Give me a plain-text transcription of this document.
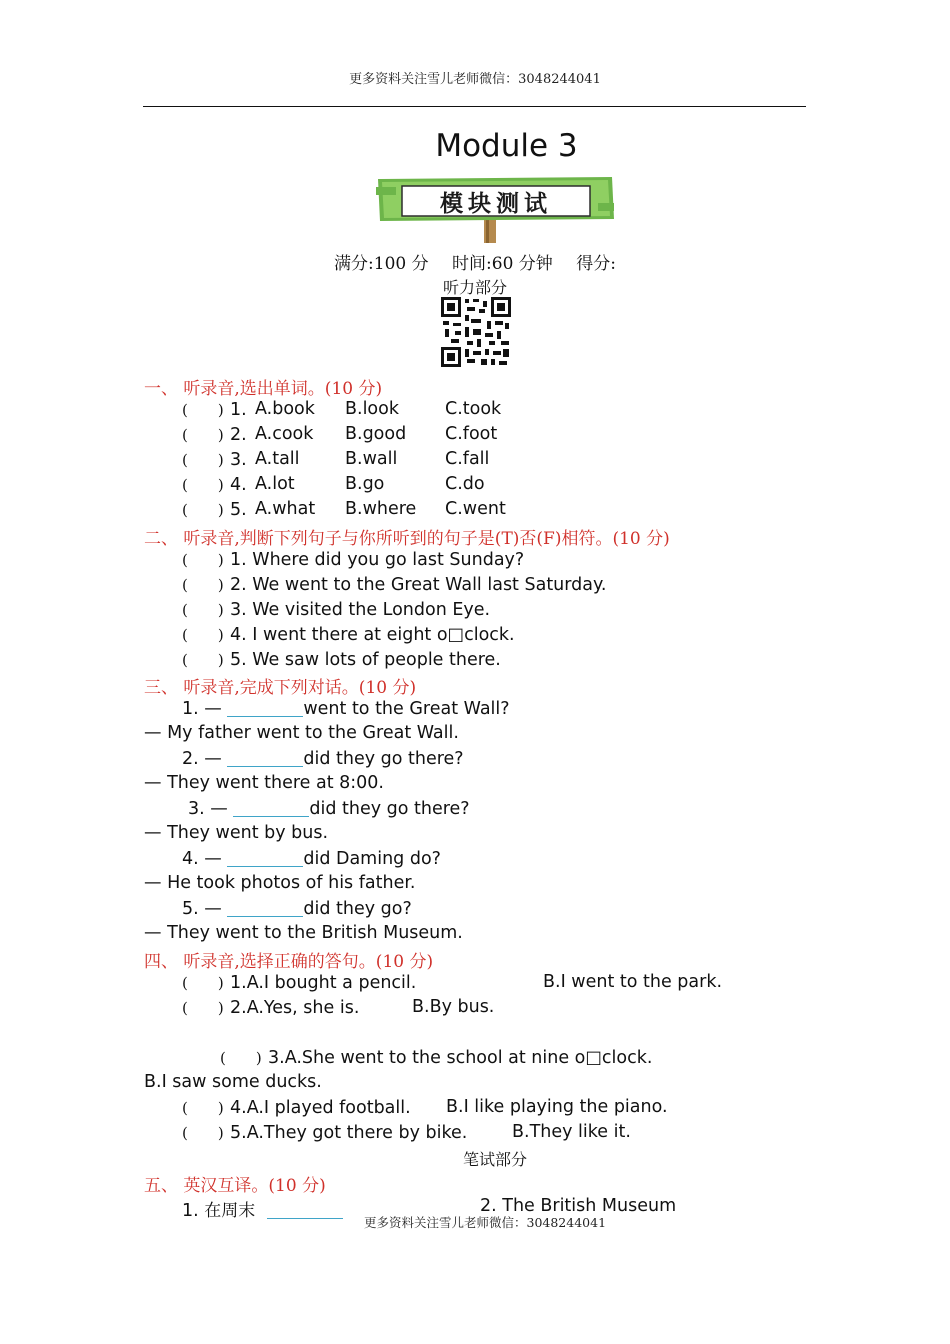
更多资料关注雪儿老师微信：3048244041
Module 3
模块测试
满分:100 分 时间:60 分钟 得分:
听力部分
一、 听录音,选出单词。(10 分)
(　　) 1. A.book B.look	C.took
(　　) 2. A.cook B.good C.foot
(　　) 3. A.tall	B.wall	C.fall
(　　) 4. A.lot	B.go	C.do
(　　) 5. A.what B.where C.went
二、 听录音,判断下列句子与你所听到的句子是(T)否(F)相符。(10 分)
(　　) 1. Where did you go last Sunday?
(　　) 2. We went to the Great Wall last Saturday.
(　　) 3. We visited the London Eye.
(　　) 4. I went there at eight o□clock.
(　　) 5. We saw lots of people there.
三、 听录音,完成下列对话。(10 分)
1. —	went to the Great Wall?
— My father went to the Great Wall.
2. —	did they go there?
— They went there at 8:00.
3. —	did they go there?
— They went by bus.
4. —	did Daming do?
— He took photos of his father.
5. —	did they go?
— They went to the British Museum.
四、 听录音,选择正确的答句。(10 分)
(　　) 1.A.I bought a pencil.	B.I went to the park.
(　　) 2.A.Yes, she is.	B.By bus.
(　　) 3.A.She went to the school at nine o□clock.
B.I saw some ducks.
(　　) 4.A.I played football. B.I like playing the piano.
(　　) 5.A.They got there by bike.	B.They like it.
笔试部分
五、 英汉互译。(10 分)
1. 在周末	2. The British Museum
更多资料关注雪儿老师微信：3048244041
